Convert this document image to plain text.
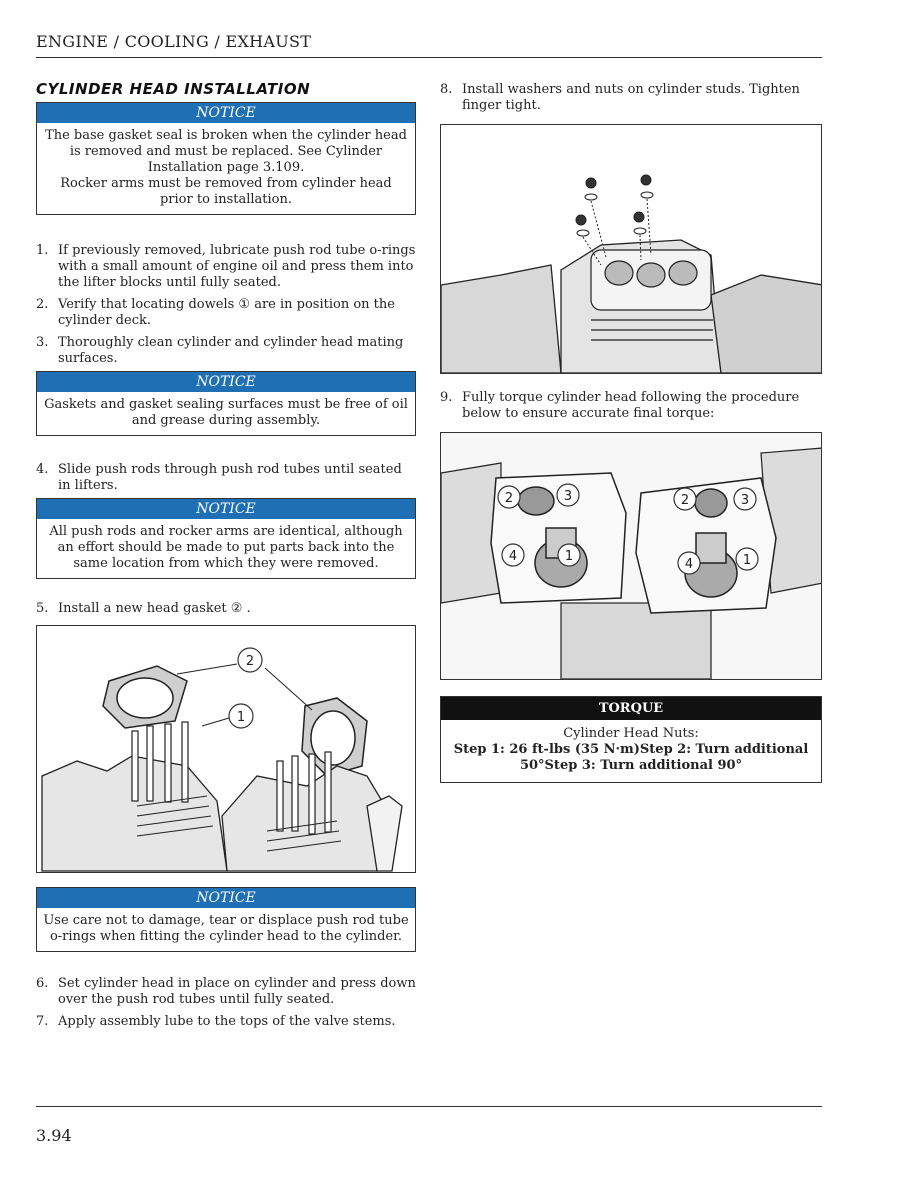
ENGINE / COOLING / EXHAUST
CYLINDER HEAD INSTALLATION
NOTICE

The base gasket seal is broken when the cylinder head is removed and must be replaced. See Cylinder Installation page 3.109.

Rocker arms must be removed from cylinder head prior to installation.

1. If previously removed, lubricate push rod tube o-rings with a small amount of engine oil and press them into the lifter blocks until fully seated.
2. Verify that locating dowels ① are in position on the cylinder deck.
3. Thoroughly clean cylinder and cylinder head mating surfaces.
NOTICE

Gaskets and gasket sealing surfaces must be free of oil and grease during assembly.

4. Slide push rods through push rod tubes until seated in lifters.
NOTICE

All push rods and rocker arms are identical, although an effort should be made to put parts back into the same location from which they were removed.

5. Install a new head gasket ② .
2
1
NOTICE

Use care not to damage, tear or displace push rod tube o-rings when fitting the cylinder head to the cylinder.

6. Set cylinder head in place on cylinder and press down over the push rod tubes until fully seated.
7. Apply assembly lube to the tops of the valve stems.
8. Install washers and nuts on cylinder studs. Tighten finger tight.
9. Fully torque cylinder head following the procedure below to ensure accurate final torque:
2	3
4	1
2	3
4	1
TORQUE
Cylinder Head Nuts:
Step 1: 26 ft-lbs (35 N·m)Step 2: Turn additional 50°Step 3: Turn additional 90°
3.94
